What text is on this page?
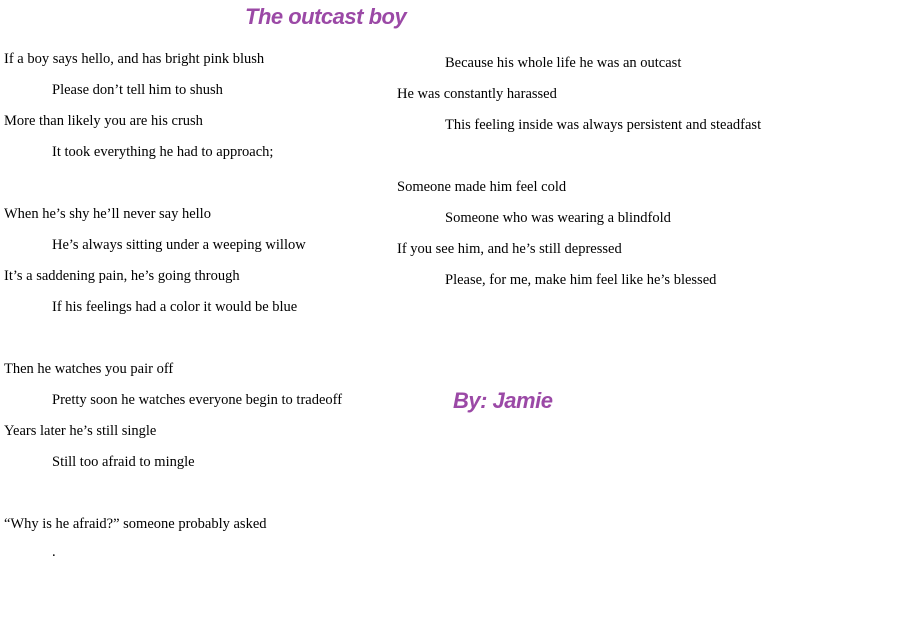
The outcast boy
If a boy says hello, and has bright pink blush
Please don’t tell him to shush
More than likely you are his crush
It took everything he had to approach;
When he’s shy he’ll never say hello
He’s always sitting under a weeping willow
It’s a saddening pain, he’s going through
If his feelings had a color it would be blue
Then he watches you pair off
Pretty soon he watches everyone begin to tradeoff
Years later he’s still single
Still too afraid to mingle
“Why is he afraid?” someone probably asked
.
Because his whole life he was an outcast
He was constantly harassed
This feeling inside was always persistent and steadfast
Someone made him feel cold
Someone who was wearing a blindfold
If you see him, and he’s still depressed
Please, for me, make him feel like he’s blessed
By: Jamie
